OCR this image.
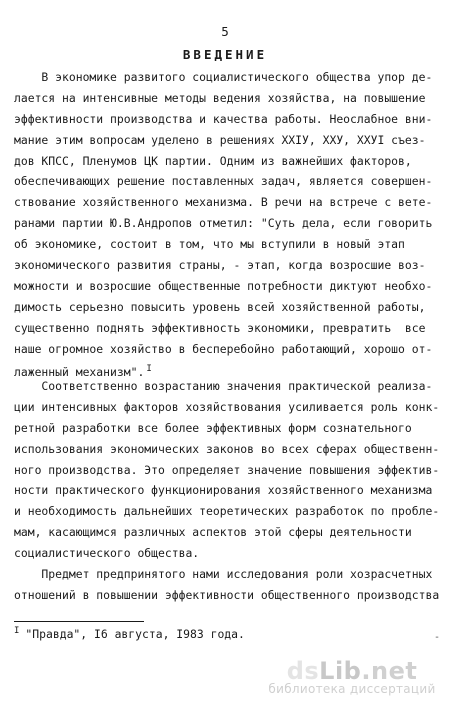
5
ВВЕДЕНИЕ
В экономике развитого социалистического общества упор де-
лается на интенсивные методы ведения хозяйства, на повышение
эффективности производства и качества работы. Неослабное вни-
мание этим вопросам уделено в решениях ХХІУ, ХХУ, ХХУІ съез-
дов КПСС, Пленумов ЦК партии. Одним из важнейших факторов,
обеспечивающих решение поставленных задач, является совершен-
ствование хозяйственного механизма. В речи на встрече с вете-
ранами партии Ю.В.Андропов отметил: "Суть дела, если говорить
об экономике, состоит в том, что мы вступили в новый этап
экономического развития страны, - этап, когда возросшие воз-
можности и возросшие общественные потребности диктуют необхо-
димость серьезно повысить уровень всей хозяйственной работы,
существенно поднять эффективность экономики, превратить  все
наше огромное хозяйство в бесперебойно работающий, хорошо от-
лаженный механизм". $^I$
Соответственно возрастанию значения практической реализа-
ции интенсивных факторов хозяйствования усиливается роль конк-
ретной разработки все более эффективных форм сознательного
использования экономических законов во всех сферах общественн-
ного производства. Это определяет значение повышения эффектив-
ности практического функционирования хозяйственного механизма
и необходимость дальнейших теоретических разработок по пробле-
мам, касающимся различных аспектов этой сферы деятельности
социалистического общества.
Предмет предпринятого нами исследования роли хозрасчетных
отношений в повышении эффективности общественного производства
$^I$ "Правда", I6 августа, I983 года.	-
dsLib.net
библиотека диссертаций
